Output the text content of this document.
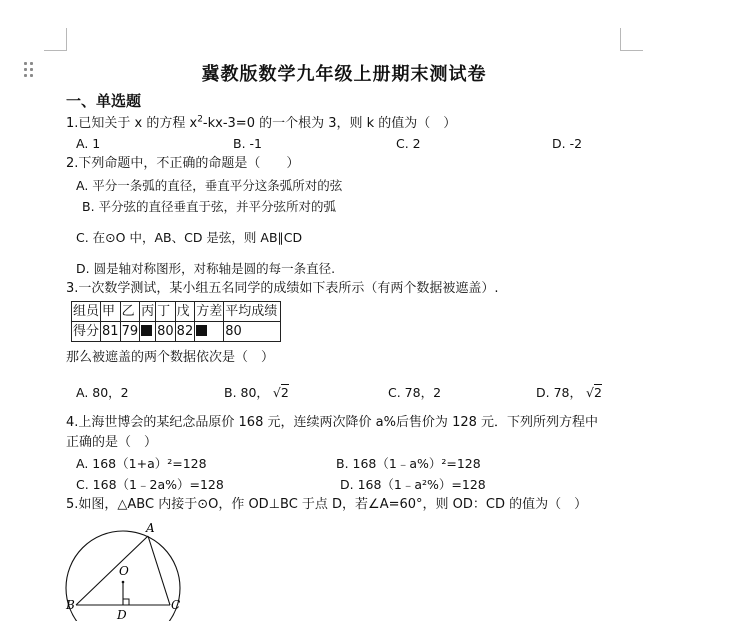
冀教版数学九年级上册期末测试卷
一、单选题
1.已知关于 x 的方程 $x^2-kx-3=0$ 的一个根为 3，则 k 的值为（　）
A. 1	B. -1	C. 2	D. -2
2.下列命题中，不正确的命题是（　　）
A. 平分一条弧的直径，垂直平分这条弧所对的弦
B. 平分弦的直径垂直于弦，并平分弦所对的弧
C. 在⊙O 中，AB、CD 是弦，则 AB∥CD
D. 圆是轴对称图形，对称轴是圆的每一条直径.
3.一次数学测试，某小组五名同学的成绩如下表所示（有两个数据被遮盖）.
组员	甲	乙	丙	丁	戊	方差	平均成绩
得分	81	79		80	82		80
那么被遮盖的两个数据依次是（　）
A. 80，2	B. 80， √2	C. 78，2	D. 78， √2
4.上海世博会的某纪念品原价 168 元，连续两次降价 a%后售价为 128 元．下列所列方程中
正确的是（　）
A. 168（1+a）²=128	B. 168（1﹣a%）²=128
C. 168（1﹣2a%）=128	D. 168（1﹣a²%）=128
5.如图，△ABC 内接于⊙O，作 OD⊥BC 于点 D，若∠A=60°，则 OD：CD 的值为（　）
A
B	C
O
D
